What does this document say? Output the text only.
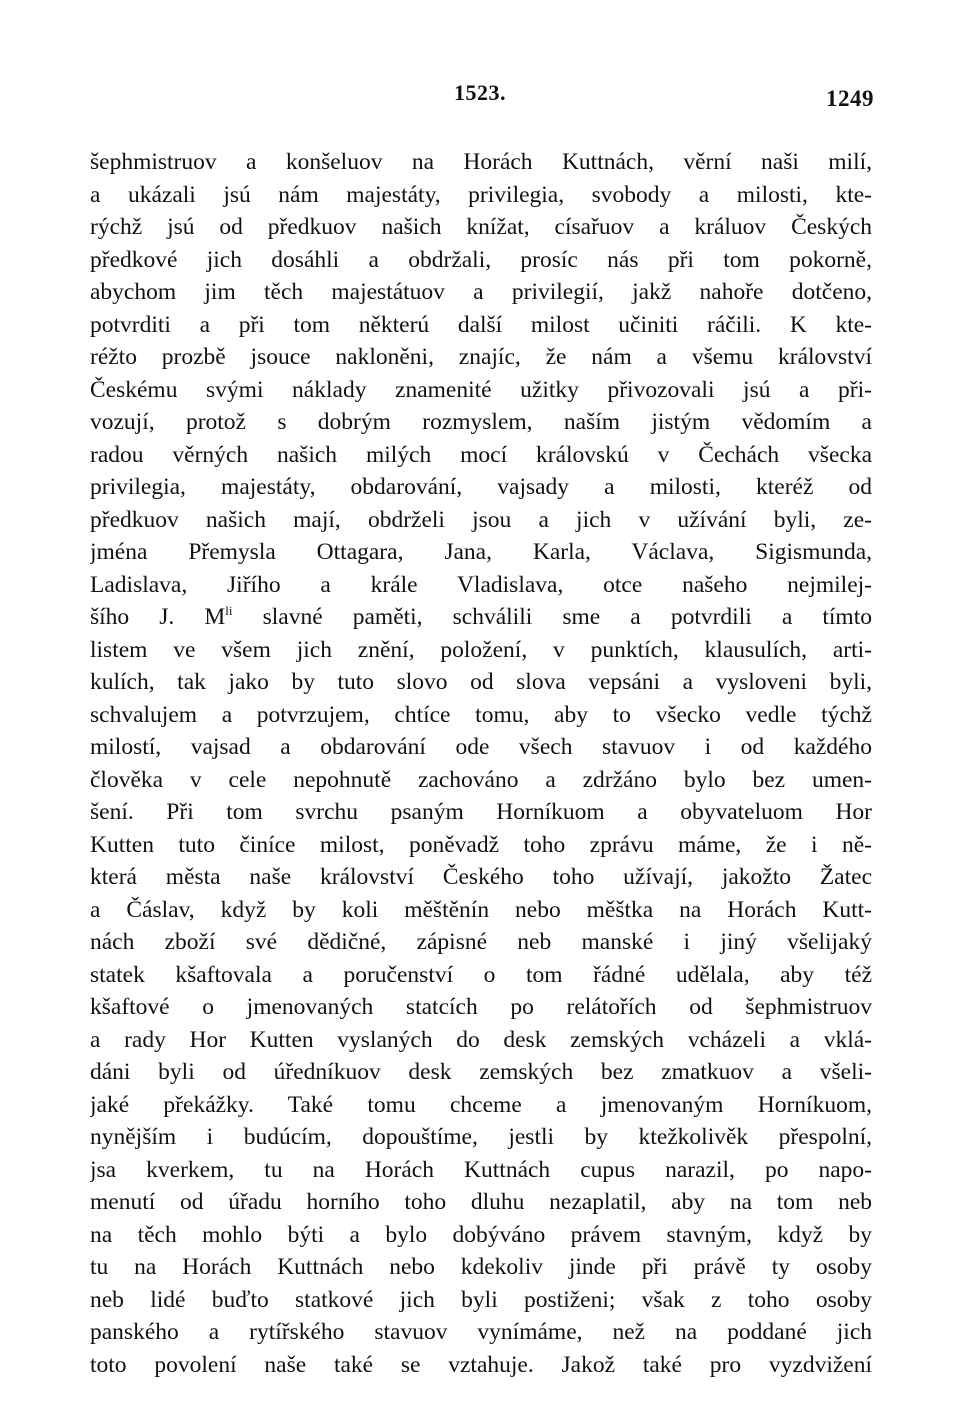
1523.	1249
šephmistruov a konšeluov na Horách Kuttnách, věrní naši milí,
a ukázali jsú nám majestáty, privilegia, svobody a milosti, kte-
rýchž jsú od předkuov našich knížat, císařuov a králuov Českých
předkové jich dosáhli a obdržali, prosíc nás při tom pokorně,
abychom jim těch majestátuov a privilegií, jakž nahoře dotčeno,
potvrditi a při tom některú další milost učiniti ráčili. K kte-
réžto prozbě jsouce nakloněni, znajíc, že nám a všemu království
Českému svými náklady znamenité užitky přivozovali jsú a při-
vozují, protož s dobrým rozmyslem, naším jistým vědomím a
radou věrných našich milých mocí královskú v Čechách všecka
privilegia, majestáty, obdarování, vajsady a milosti, kteréž od
předkuov našich mají, obdrželi jsou a jich v užívání byli, ze-
jména Přemysla Ottagara, Jana, Karla, Václava, Sigismunda,
Ladislava, Jiřího a krále Vladislava, otce našeho nejmilej-
šího J. $M^{li}$ slavné paměti, schválili sme a potvrdili a tímto
listem ve všem jich znění, položení, v punktích, klausulích, arti-
kulích, tak jako by tuto slovo od slova vepsáni a vysloveni byli,
schvalujem a potvrzujem, chtíce tomu, aby to všecko vedle týchž
milostí, vajsad a obdarování ode všech stavuov i od každého
člověka v cele nepohnutě zachováno a zdržáno bylo bez umen-
šení. Při tom svrchu psaným Horníkuom a obyvateluom Hor
Kutten tuto činíce milost, poněvadž toho zprávu máme, že i ně-
která města naše království Českého toho užívají, jakožto Žatec
a Čáslav, když by koli měštěnín nebo měštka na Horách Kutt-
nách zboží své dědičné, zápisné neb manské i jiný všelijaký
statek kšaftovala a poručenství o tom řádné udělala, aby též
kšaftové o jmenovaných statcích po relátořích od šephmistruov
a rady Hor Kutten vyslaných do desk zemských vcházeli a vklá-
dáni byli od úředníkuov desk zemských bez zmatkuov a všeli-
jaké překážky. Také tomu chceme a jmenovaným Horníkuom,
nynějším i budúcím, dopouštíme, jestli by ktežkolivěk přespolní,
jsa kverkem, tu na Horách Kuttnách cupus narazil, po napo-
menutí od úřadu horního toho dluhu nezaplatil, aby na tom neb
na těch mohlo býti a bylo dobýváno právem stavným, když by
tu na Horách Kuttnách nebo kdekoliv jinde při právě ty osoby
neb lidé buďto statkové jich byli postiženi; však z toho osoby
panského a rytířského stavuov vynímáme, než na poddané jich
toto povolení naše také se vztahuje. Jakož také pro vyzdvižení
